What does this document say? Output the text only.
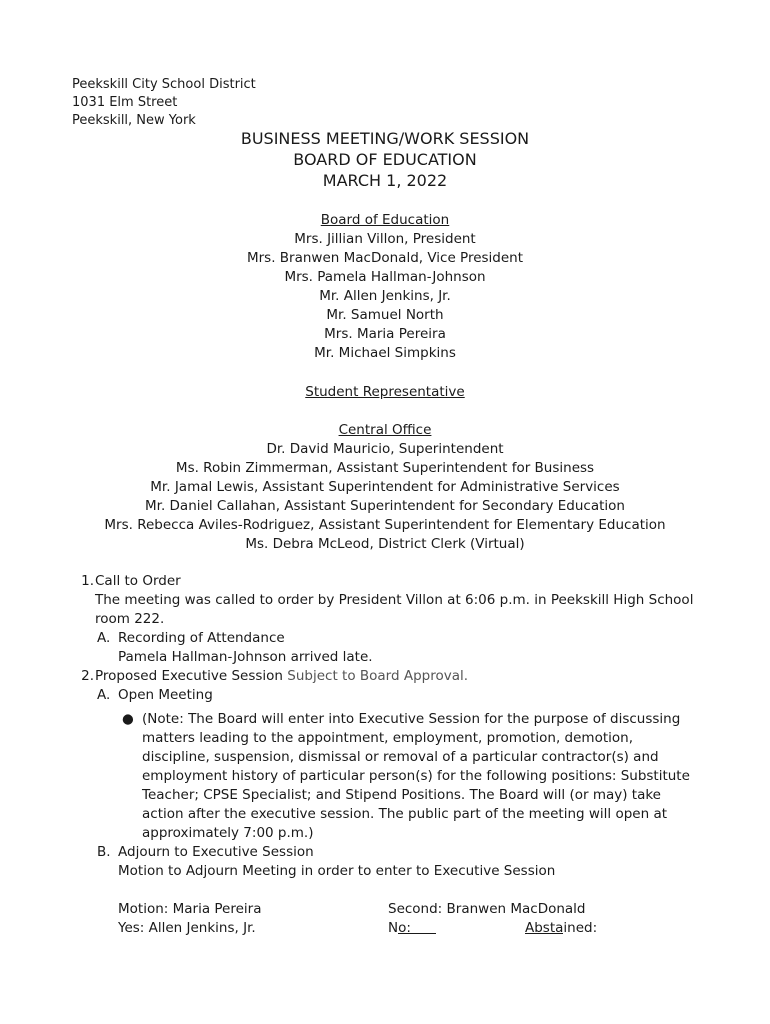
Peekskill City School District
1031 Elm Street
Peekskill, New York
BUSINESS MEETING/WORK SESSION
BOARD OF EDUCATION
MARCH 1, 2022
Board of Education
Mrs. Jillian Villon, President
Mrs. Branwen MacDonald, Vice President
Mrs. Pamela Hallman-Johnson
Mr. Allen Jenkins, Jr.
Mr. Samuel North
Mrs. Maria Pereira
Mr. Michael Simpkins
Student Representative
Central Office
Dr. David Mauricio, Superintendent
Ms. Robin Zimmerman, Assistant Superintendent for Business
Mr. Jamal Lewis, Assistant Superintendent for Administrative Services
Mr. Daniel Callahan, Assistant Superintendent for Secondary Education
Mrs. Rebecca Aviles-Rodriguez, Assistant Superintendent for Elementary Education
Ms. Debra McLeod, District Clerk (Virtual)
1. Call to Order
The meeting was called to order by President Villon at 6:06 p.m. in Peekskill High School
room 222.
A. Recording of Attendance
Pamela Hallman-Johnson arrived late.
2. Proposed Executive Session Subject to Board Approval.
A. Open Meeting
● (Note: The Board will enter into Executive Session for the purpose of discussing
matters leading to the appointment, employment, promotion, demotion,
discipline, suspension, dismissal or removal of a particular contractor(s) and
employment history of particular person(s) for the following positions: Substitute
Teacher; CPSE Specialist; and Stipend Positions. The Board will (or may) take
action after the executive session. The public part of the meeting will open at
approximately 7:00 p.m.)
B. Adjourn to Executive Session
Motion to Adjourn Meeting in order to enter to Executive Session
Motion: Maria Pereira	Second: Branwen MacDonald
Yes: Allen Jenkins, Jr.	No:	Abstained:
